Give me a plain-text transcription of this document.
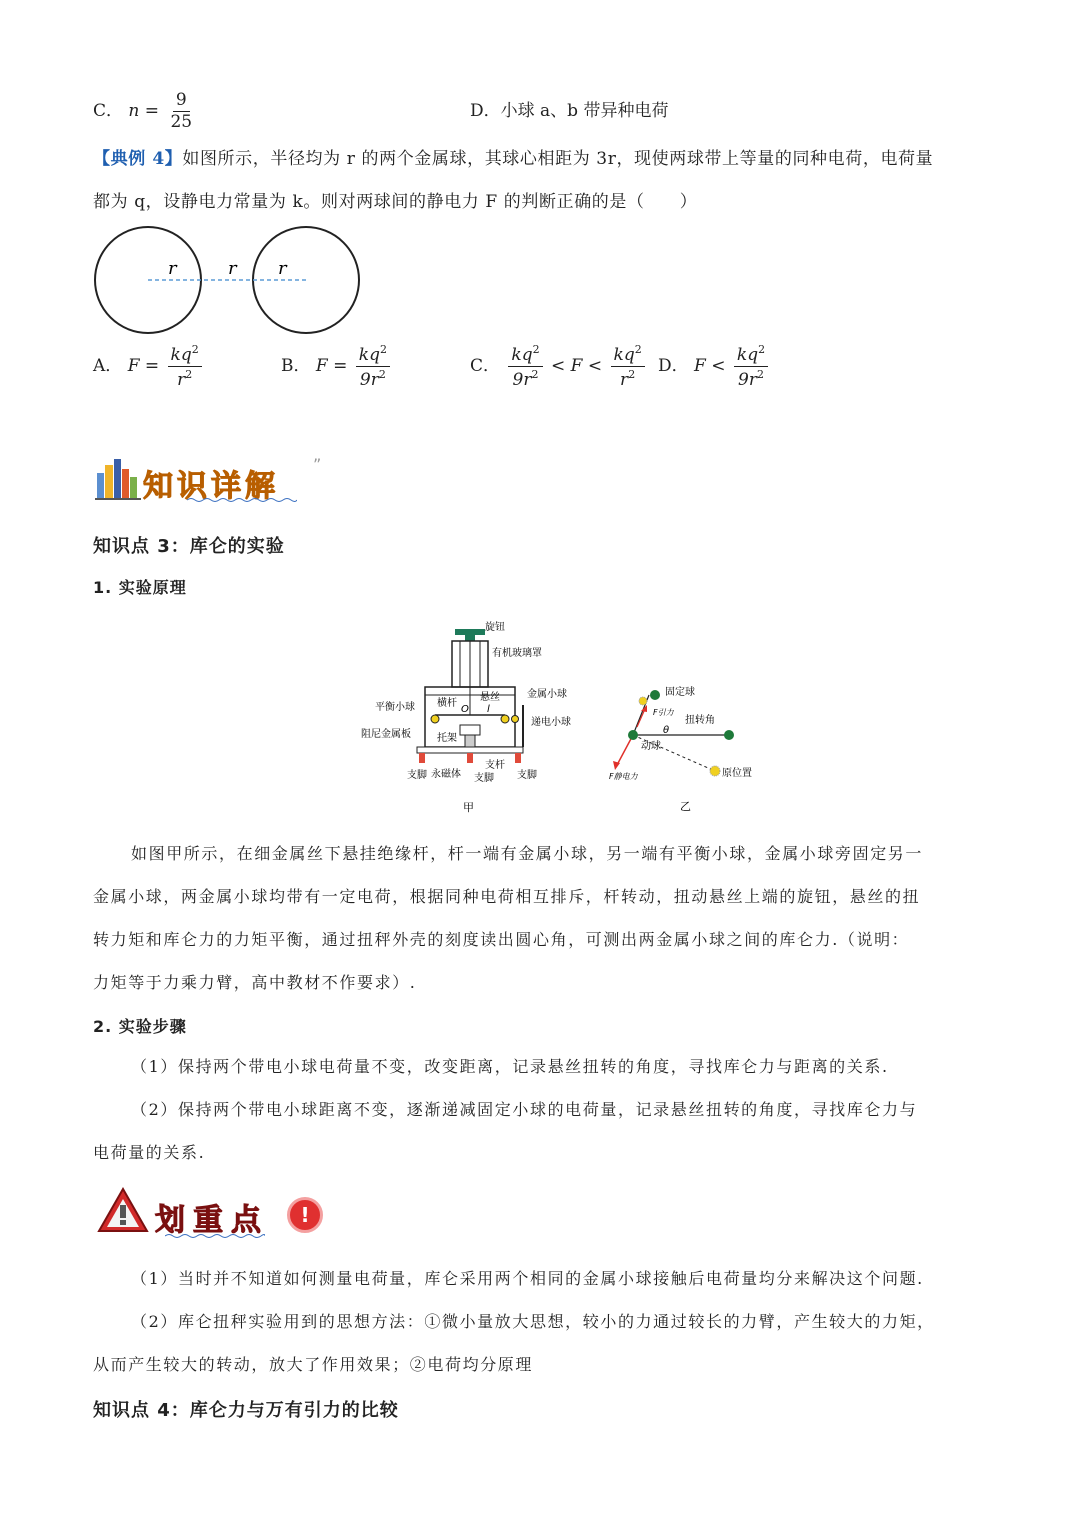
C． $n = \frac{9}{25}$	D．小球 a、b 带异种电荷
【典例 4】如图所示，半径均为 r 的两个金属球，其球心相距为 3r，现使两球带上等量的同种电荷，电荷量
都为 q，设静电力常量为 k。则对两球间的静电力 F 的判断正确的是（　　）
r	r r
A． $F = \frac{kq^2}{r^2}$	B． $F = \frac{kq^2}{9r^2}$	C． $\frac{kq^2}{9r^2} < F < \frac{kq^2}{r^2}$ D． $F < \frac{kq^2}{9r^2}$
知识详解
”
知识点 3：库仑的实验
1. 实验原理
旋钮
有机玻璃罩
横杆
悬丝	金属小球
平衡小球	O l
递电小球
阻尼金属板	托架
支杆
支脚 永磁体 支脚 支脚
甲
固定球
F引力
扭转角
θ
动球
F静电力	原位置
乙
如图甲所示，在细金属丝下悬挂绝缘杆，杆一端有金属小球，另一端有平衡小球，金属小球旁固定另一
金属小球，两金属小球均带有一定电荷，根据同种电荷相互排斥，杆转动，扭动悬丝上端的旋钮，悬丝的扭
转力矩和库仑力的力矩平衡，通过扭秤外壳的刻度读出圆心角，可测出两金属小球之间的库仑力.（说明：
力矩等于力乘力臂，高中教材不作要求）.
2. 实验步骤
（1）保持两个带电小球电荷量不变，改变距离，记录悬丝扭转的角度，寻找库仑力与距离的关系.
（2）保持两个带电小球距离不变，逐渐递减固定小球的电荷量，记录悬丝扭转的角度，寻找库仑力与
电荷量的关系.
划重点	!
（1）当时并不知道如何测量电荷量，库仑采用两个相同的金属小球接触后电荷量均分来解决这个问题.
（2）库仑扭秤实验用到的思想方法：①微小量放大思想，较小的力通过较长的力臂，产生较大的力矩，
从而产生较大的转动，放大了作用效果；②电荷均分原理
知识点 4：库仑力与万有引力的比较
